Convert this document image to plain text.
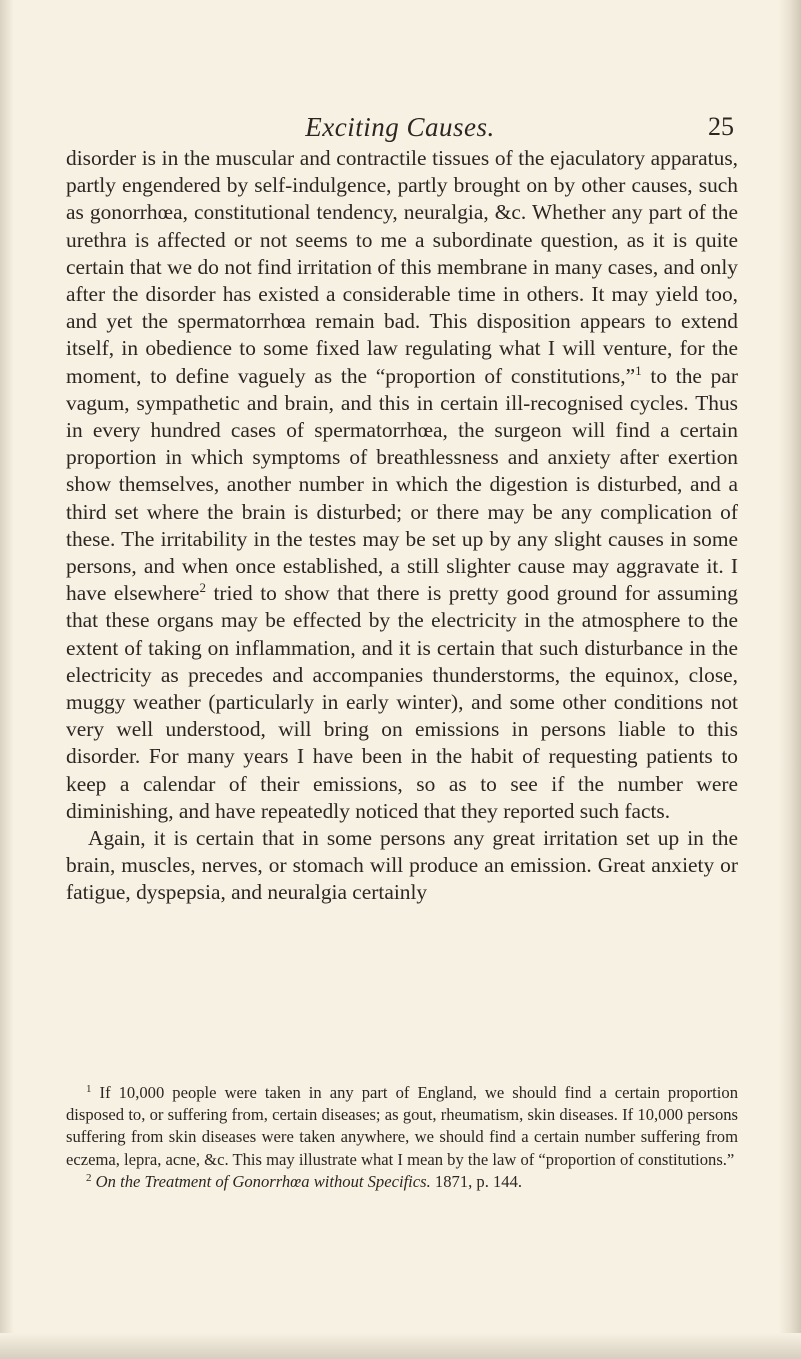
Exciting Causes.	25

disorder is in the muscular and contractile tissues of the ejaculatory apparatus, partly engendered by self-indulgence, partly brought on by other causes, such as gonorrhœa, constitutional tendency, neuralgia, &c. Whether any part of the urethra is affected or not seems to me a subordinate question, as it is quite certain that we do not find irritation of this membrane in many cases, and only after the disorder has existed a considerable time in others. It may yield too, and yet the spermatorrhœa remain bad. This disposition appears to extend itself, in obedience to some fixed law regulating what I will venture, for the moment, to define vaguely as the “proportion of constitutions,”$^1$ to the par vagum, sympathetic and brain, and this in certain ill-recognised cycles. Thus in every hundred cases of spermatorrhœa, the surgeon will find a certain proportion in which symptoms of breathlessness and anxiety after exertion show themselves, another number in which the digestion is disturbed, and a third set where the brain is disturbed; or there may be any complication of these. The irritability in the testes may be set up by any slight causes in some persons, and when once established, a still slighter cause may aggravate it. I have elsewhere$^2$ tried to show that there is pretty good ground for assuming that these organs may be effected by the electricity in the atmosphere to the extent of taking on inflammation, and it is certain that such disturbance in the electricity as precedes and accompanies thunderstorms, the equinox, close, muggy weather (particularly in early winter), and some other conditions not very well understood, will bring on emissions in persons liable to this disorder. For many years I have been in the habit of requesting patients to keep a calendar of their emissions, so as to see if the number were diminishing, and have repeatedly noticed that they reported such facts.

Again, it is certain that in some persons any great irritation set up in the brain, muscles, nerves, or stomach will produce an emission. Great anxiety or fatigue, dyspepsia, and neuralgia certainly

$^1$ If 10,000 people were taken in any part of England, we should find a certain proportion disposed to, or suffering from, certain diseases; as gout, rheumatism, skin diseases. If 10,000 persons suffering from skin diseases were taken anywhere, we should find a certain number suffering from eczema, lepra, acne, &c. This may illustrate what I mean by the law of “proportion of constitutions.”

$^2$ On the Treatment of Gonorrhœa without Specifics. 1871, p. 144.
